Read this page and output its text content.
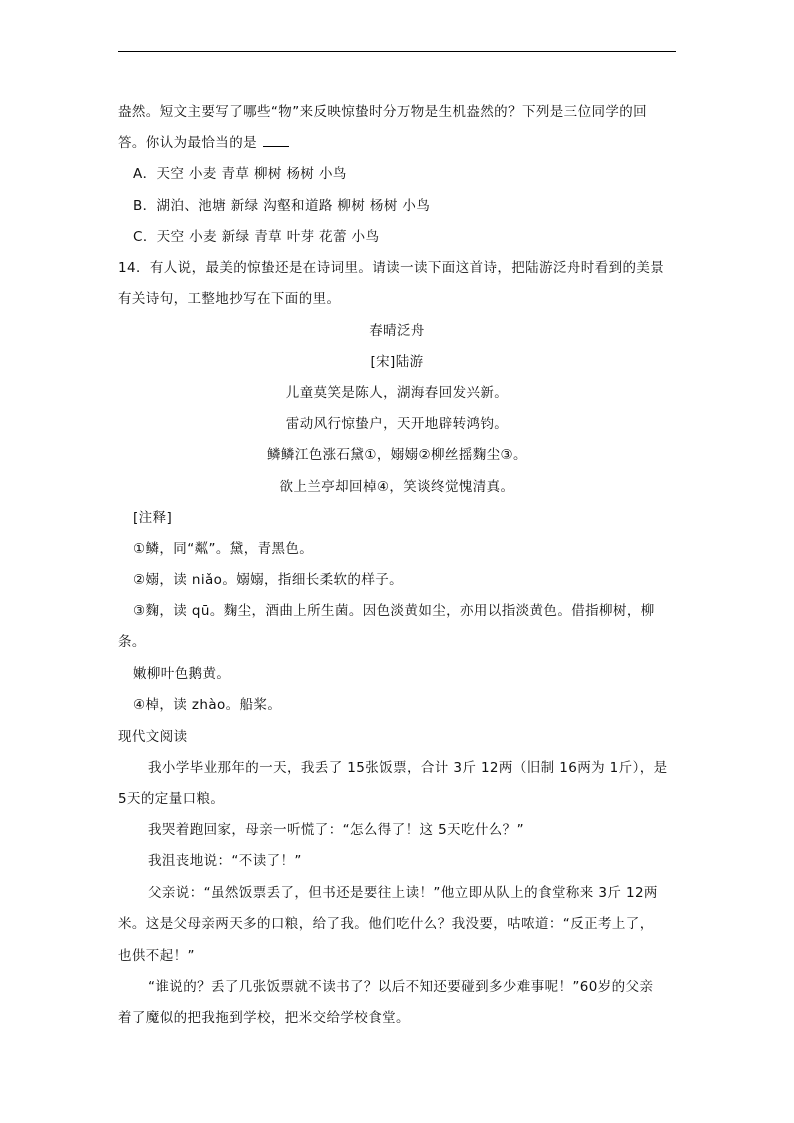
盎然。短文主要写了哪些“物”来反映惊蛰时分万物是生机盎然的？下列是三位同学的回
答。你认为最恰当的是
A．天空 小麦 青草 柳树 杨树 小鸟
B．湖泊、池塘 新绿 沟壑和道路 柳树 杨树 小鸟
C．天空 小麦 新绿 青草 叶芽 花蕾 小鸟
14．有人说，最美的惊蛰还是在诗词里。请读一读下面这首诗，把陆游泛舟时看到的美景
有关诗句，工整地抄写在下面的里。
春晴泛舟
[宋]陆游
儿童莫笑是陈人，湖海春回发兴新。
雷动风行惊蛰户，天开地辟转鸿钧。
鳞鳞江色涨石黛①，嫋嫋②柳丝摇麴尘③。
欲上兰亭却回棹④，笑谈终觉愧清真。
[注释]
①鳞，同“粼”。黛，青黑色。
②嫋，读 niǎo。嫋嫋，指细长柔软的样子。
③麴，读 qū。麴尘，酒曲上所生菌。因色淡黄如尘，亦用以指淡黄色。借指柳树，柳
条。
嫩柳叶色鹅黄。
④棹，读 zhào。船桨。
现代文阅读
我小学毕业那年的一天，我丢了 15张饭票，合计 3斤 12两（旧制 16两为 1斤），是
5天的定量口粮。
我哭着跑回家，母亲一听慌了：“怎么得了！这 5天吃什么？”
我沮丧地说：“不读了！”
父亲说：“虽然饭票丢了，但书还是要往上读！”他立即从队上的食堂称来 3斤 12两
米。这是父母亲两天多的口粮，给了我。他们吃什么？我没要，咕哝道：“反正考上了，
也供不起！”
“谁说的？丢了几张饭票就不读书了？以后不知还要碰到多少难事呢！”60岁的父亲
着了魔似的把我拖到学校，把米交给学校食堂。
